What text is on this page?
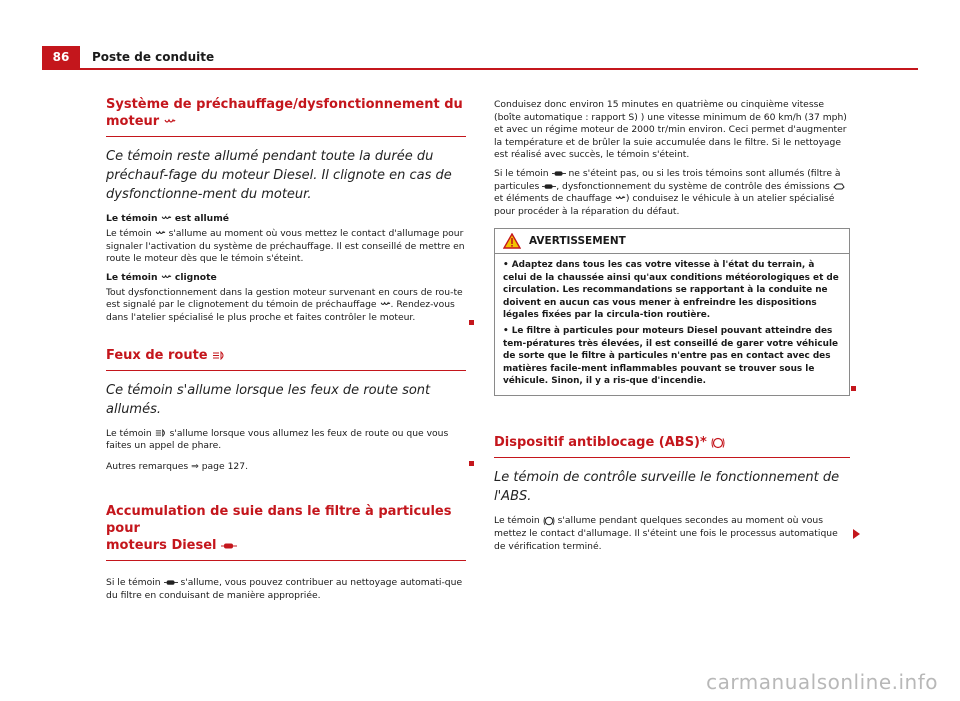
86 Poste de conduite
Système de préchauffage/dysfonctionnement du moteur
Ce témoin reste allumé pendant toute la durée du préchauf-fage du moteur Diesel. Il clignote en cas de dysfonctionne-ment du moteur.
Le témoin est allumé

Le témoin s'allume au moment où vous mettez le contact d'allumage pour signaler l'activation du système de préchauffage. Il est conseillé de mettre en route le moteur dès que le témoin s'éteint.

Le témoin clignote

Tout dysfonctionnement dans la gestion moteur survenant en cours de rou-te est signalé par le clignotement du témoin de préchauffage . Rendez-vous dans l'atelier spécialisé le plus proche et faites contrôler le moteur.

Feux de route
Ce témoin s'allume lorsque les feux de route sont allumés.

Le témoin s'allume lorsque vous allumez les feux de route ou que vous faites un appel de phare.

Autres remarques ⇒ page 127.

Accumulation de suie dans le filtre à particules pour
moteurs Diesel

Si le témoin s'allume, vous pouvez contribuer au nettoyage automati-que du filtre en conduisant de manière appropriée.

Conduisez donc environ 15 minutes en quatrième ou cinquième vitesse (boîte automatique : rapport S) ) une vitesse minimum de 60 km/h (37 mph) et avec un régime moteur de 2000 tr/min environ. Ceci permet d'augmenter la température et de brûler la suie accumulée dans le filtre. Si le nettoyage est réalisé avec succès, le témoin s'éteint.

Si le témoin ne s'éteint pas, ou si les trois témoins sont allumés (filtre à particules , dysfonctionnement du système de contrôle des émissions  et éléments de chauffage ) conduisez le véhicule à un atelier spécialisé pour procéder à la réparation du défaut.

AVERTISSEMENT

• Adaptez dans tous les cas votre vitesse à l'état du terrain, à celui de la chaussée ainsi qu'aux conditions météorologiques et de circulation. Les recommandations se rapportant à la conduite ne doivent en aucun cas vous mener à enfreindre les dispositions légales fixées par la circula-tion routière.

• Le filtre à particules pour moteurs Diesel pouvant atteindre des tem-pératures très élevées, il est conseillé de garer votre véhicule de sorte que le filtre à particules n'entre pas en contact avec des matières facile-ment inflammables pouvant se trouver sous le véhicule. Sinon, il y a ris-que d'incendie.

Dispositif antiblocage (ABS)*
Le témoin de contrôle surveille le fonctionnement de l'ABS.

Le témoin s'allume pendant quelques secondes au moment où vous mettez le contact d'allumage. Il s'éteint une fois le processus automatique de vérification terminé.

carmanualsonline.info
